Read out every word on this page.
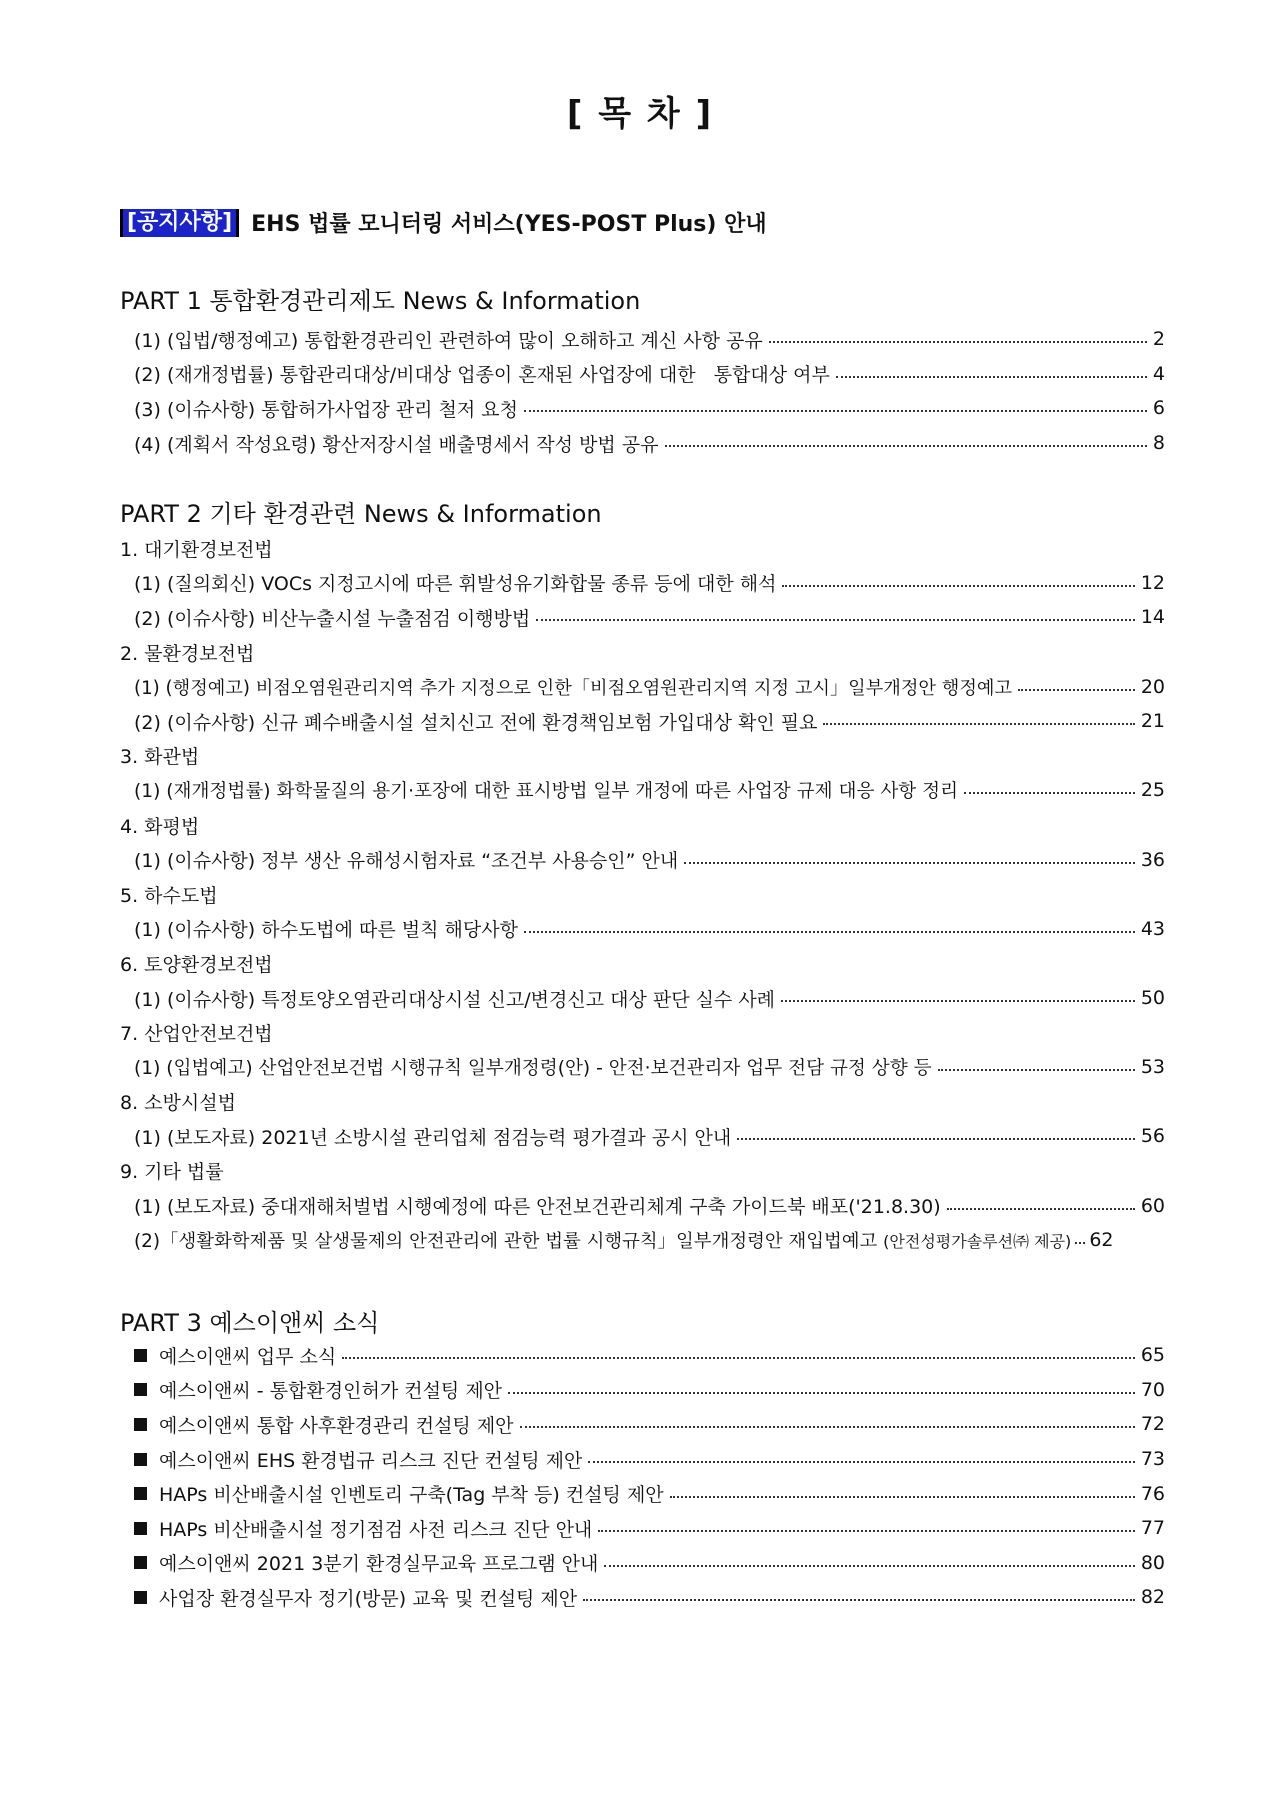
[ 목 차 ]
[공지사항] EHS 법률 모니터링 서비스(YES-POST Plus) 안내
PART 1 통합환경관리제도 News & Information
(1) (입법/행정예고) 통합환경관리인 관련하여 많이 오해하고 계신 사항 공유	2
(2) (재개정법률) 통합관리대상/비대상 업종이 혼재된 사업장에 대한   통합대상 여부	4
(3) (이슈사항) 통합허가사업장 관리 철저 요청	6
(4) (계획서 작성요령) 황산저장시설 배출명세서 작성 방법 공유	8
PART 2 기타 환경관련 News & Information
1. 대기환경보전법
(1) (질의회신) VOCs 지정고시에 따른 휘발성유기화합물 종류 등에 대한 해석	12
(2) (이슈사항) 비산누출시설 누출점검 이행방법	14
2. 물환경보전법
(1) (행정예고) 비점오염원관리지역 추가 지정으로 인한「비점오염원관리지역 지정 고시」일부개정안 행정예고	20
(2) (이슈사항) 신규 폐수배출시설 설치신고 전에 환경책임보험 가입대상 확인 필요	21
3. 화관법
(1) (재개정법률) 화학물질의 용기·포장에 대한 표시방법 일부 개정에 따른 사업장 규제 대응 사항 정리	25
4. 화평법
(1) (이슈사항) 정부 생산 유해성시험자료 “조건부 사용승인” 안내	36
5. 하수도법
(1) (이슈사항) 하수도법에 따른 벌칙 해당사항	43
6. 토양환경보전법
(1) (이슈사항) 특정토양오염관리대상시설 신고/변경신고 대상 판단 실수 사례	50
7. 산업안전보건법
(1) (입법예고) 산업안전보건법 시행규칙 일부개정령(안) - 안전·보건관리자 업무 전담 규정 상향 등	53
8. 소방시설법
(1) (보도자료) 2021년 소방시설 관리업체 점검능력 평가결과 공시 안내	56
9. 기타 법률
(1) (보도자료) 중대재해처벌법 시행예정에 따른 안전보건관리체계 구축 가이드북 배포('21.8.30)	60
(2)「생활화학제품 및 살생물제의 안전관리에 관한 법률 시행규칙」일부개정령안 재입법예고 (안전성평가솔루션㈜ 제공) 62
PART 3 예스이앤씨 소식
예스이앤씨 업무 소식	65
예스이앤씨 - 통합환경인허가 컨설팅 제안	70
예스이앤씨 통합 사후환경관리 컨설팅 제안	72
예스이앤씨 EHS 환경법규 리스크 진단 컨설팅 제안	73
HAPs 비산배출시설 인벤토리 구축(Tag 부착 등) 컨설팅 제안	76
HAPs 비산배출시설 정기점검 사전 리스크 진단 안내	77
예스이앤씨 2021 3분기 환경실무교육 프로그램 안내	80
사업장 환경실무자 정기(방문) 교육 및 컨설팅 제안	82
